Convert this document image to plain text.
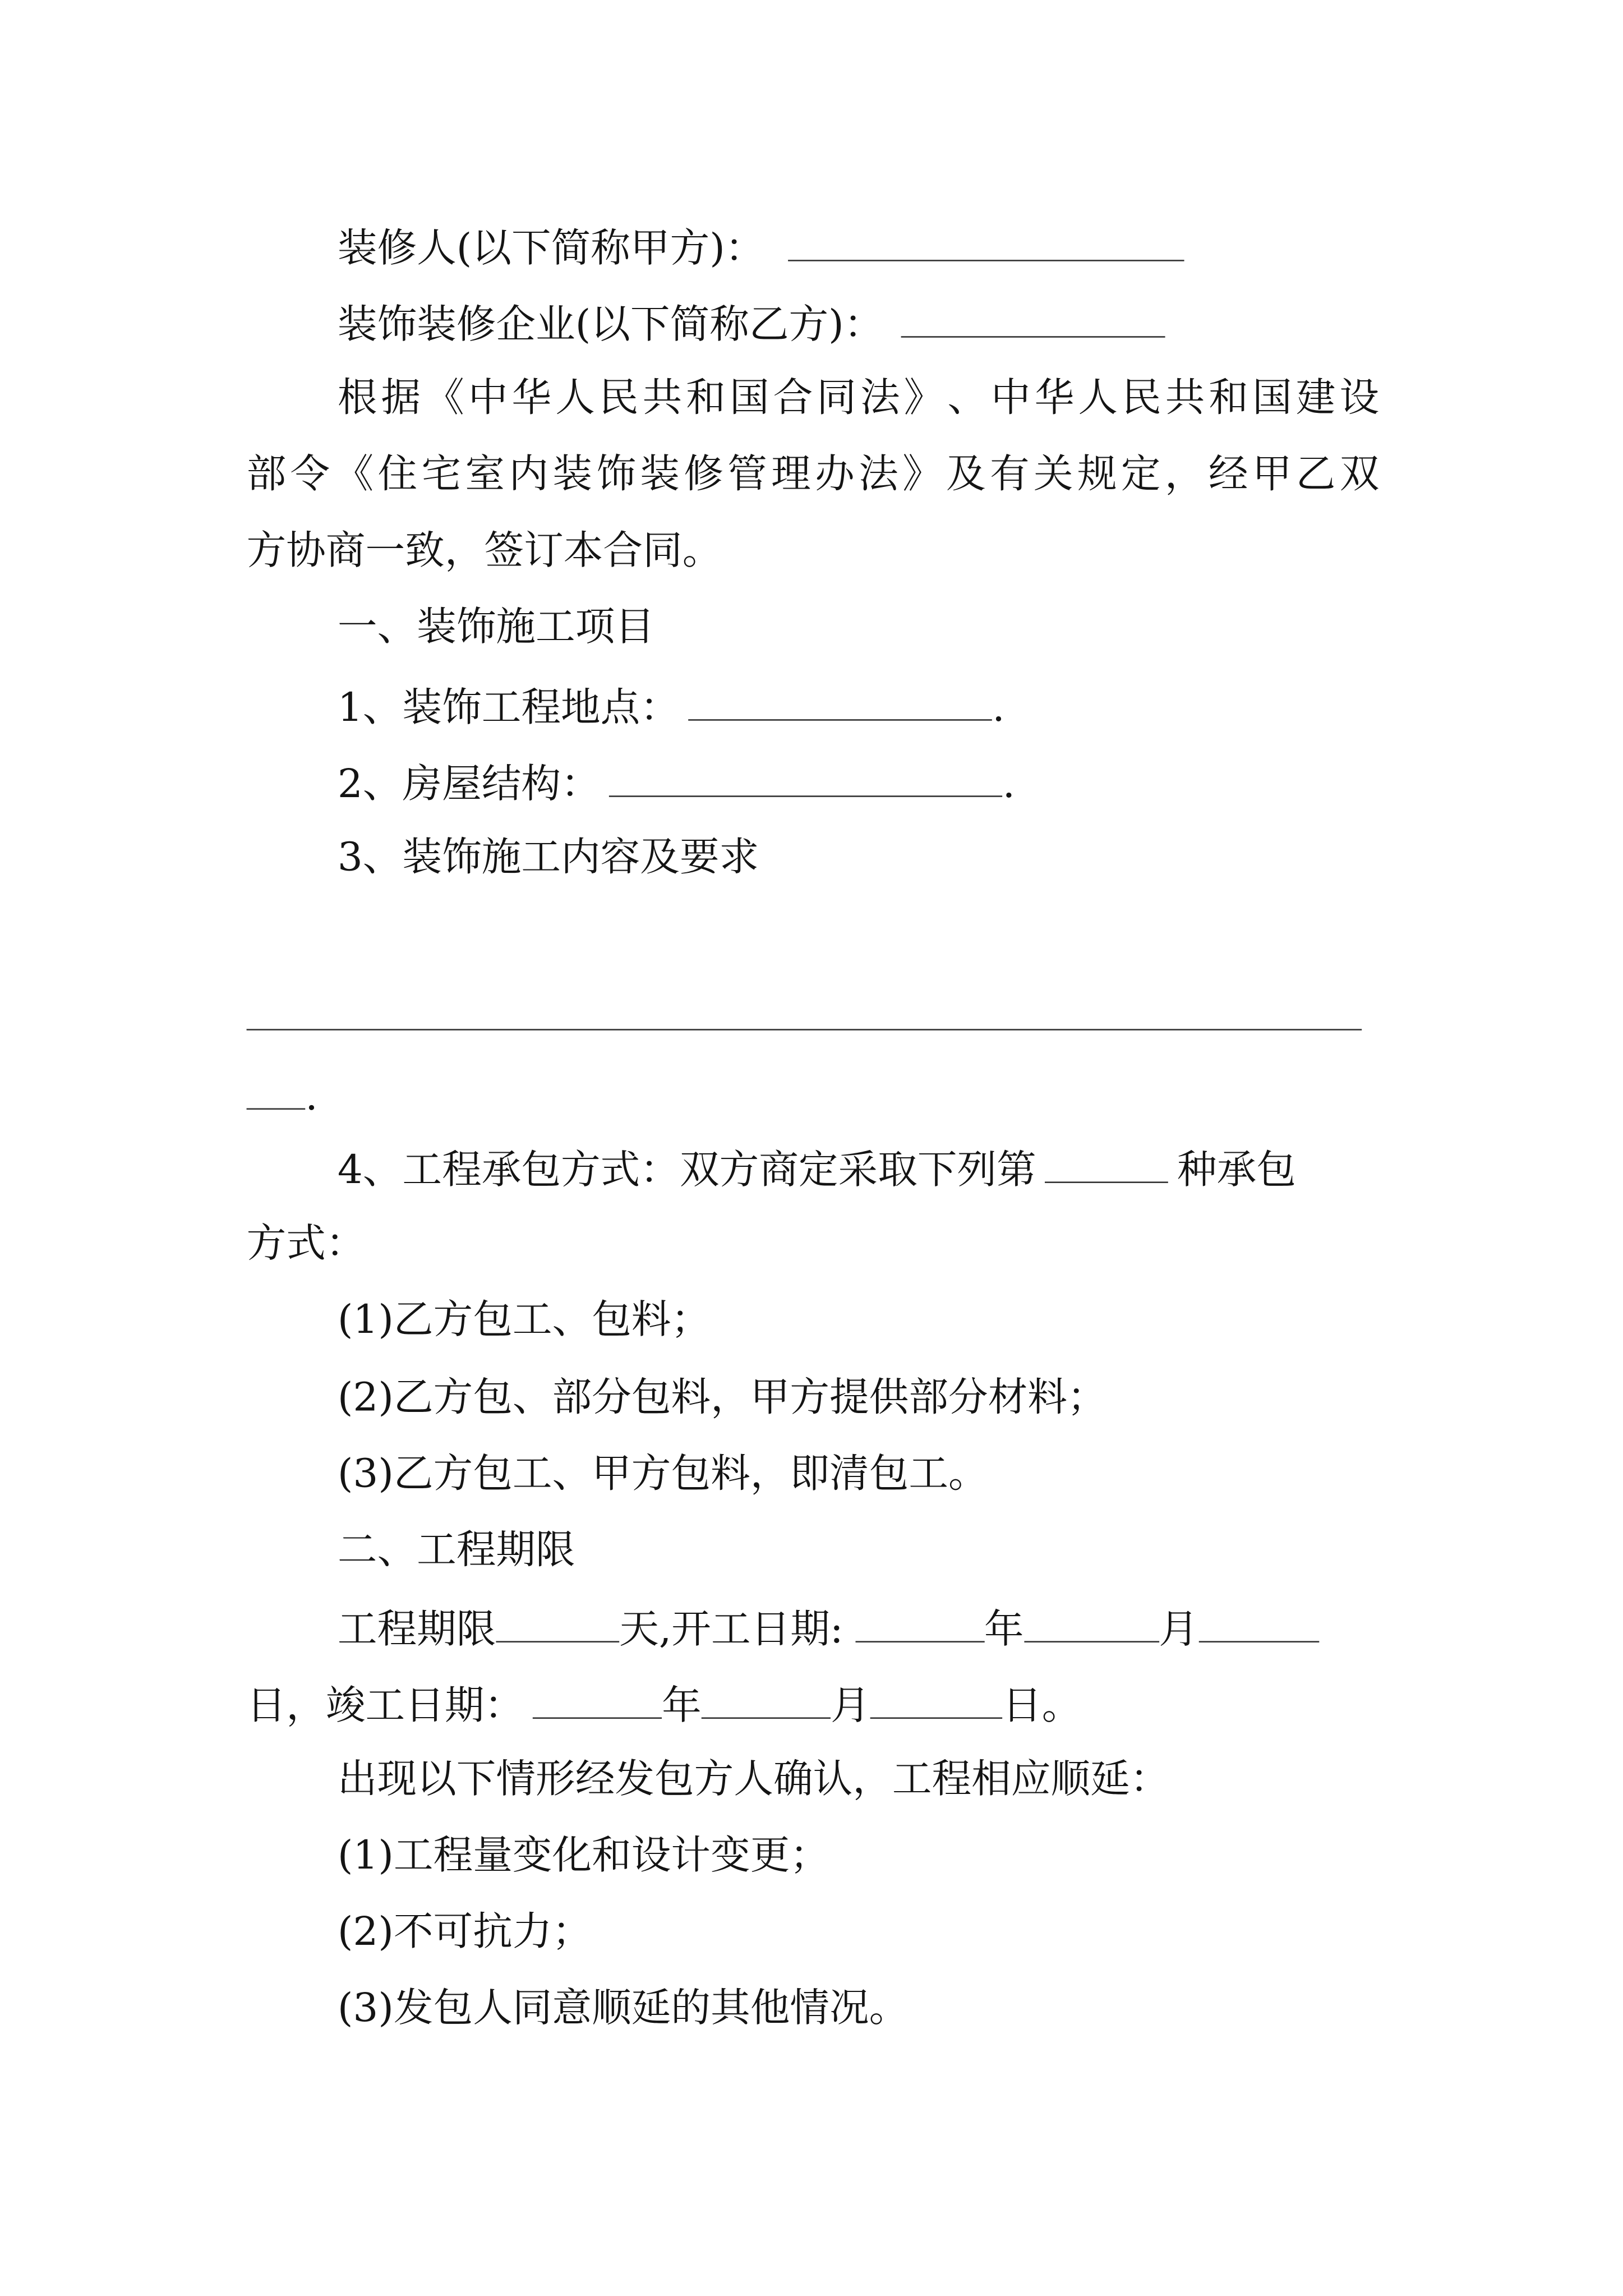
装修人(以下简称甲方)：

装饰装修企业(以下简称乙方)：

根 据 《 中 华 人 民 共 和 国 合 同 法 》 、 中 华 人 民 共 和 国 建 设
部 令 《 住 宅 室 内 装 饰 装 修 管 理 办 法 》 及 有 关 规 定 ， 经 甲 乙 双

方协商一致，签订本合同。

一、装饰施工项目

1、装饰工程地点：	.

2、房屋结构：	.

3、装饰施工内容及要求

.

4、工程承包方式：双方商定采取下列第	种承包

方式：

(1)乙方包工、包料；

(2)乙方包、部分包料，甲方提供部分材料；

(3)乙方包工、甲方包料，即清包工。

二、工程期限

工程期限	天,开工日期:	年	月

日，竣工日期：	年	月	日。

出现以下情形经发包方人确认，工程相应顺延：

(1)工程量变化和设计变更；

(2)不可抗力；

(3)发包人同意顺延的其他情况。
